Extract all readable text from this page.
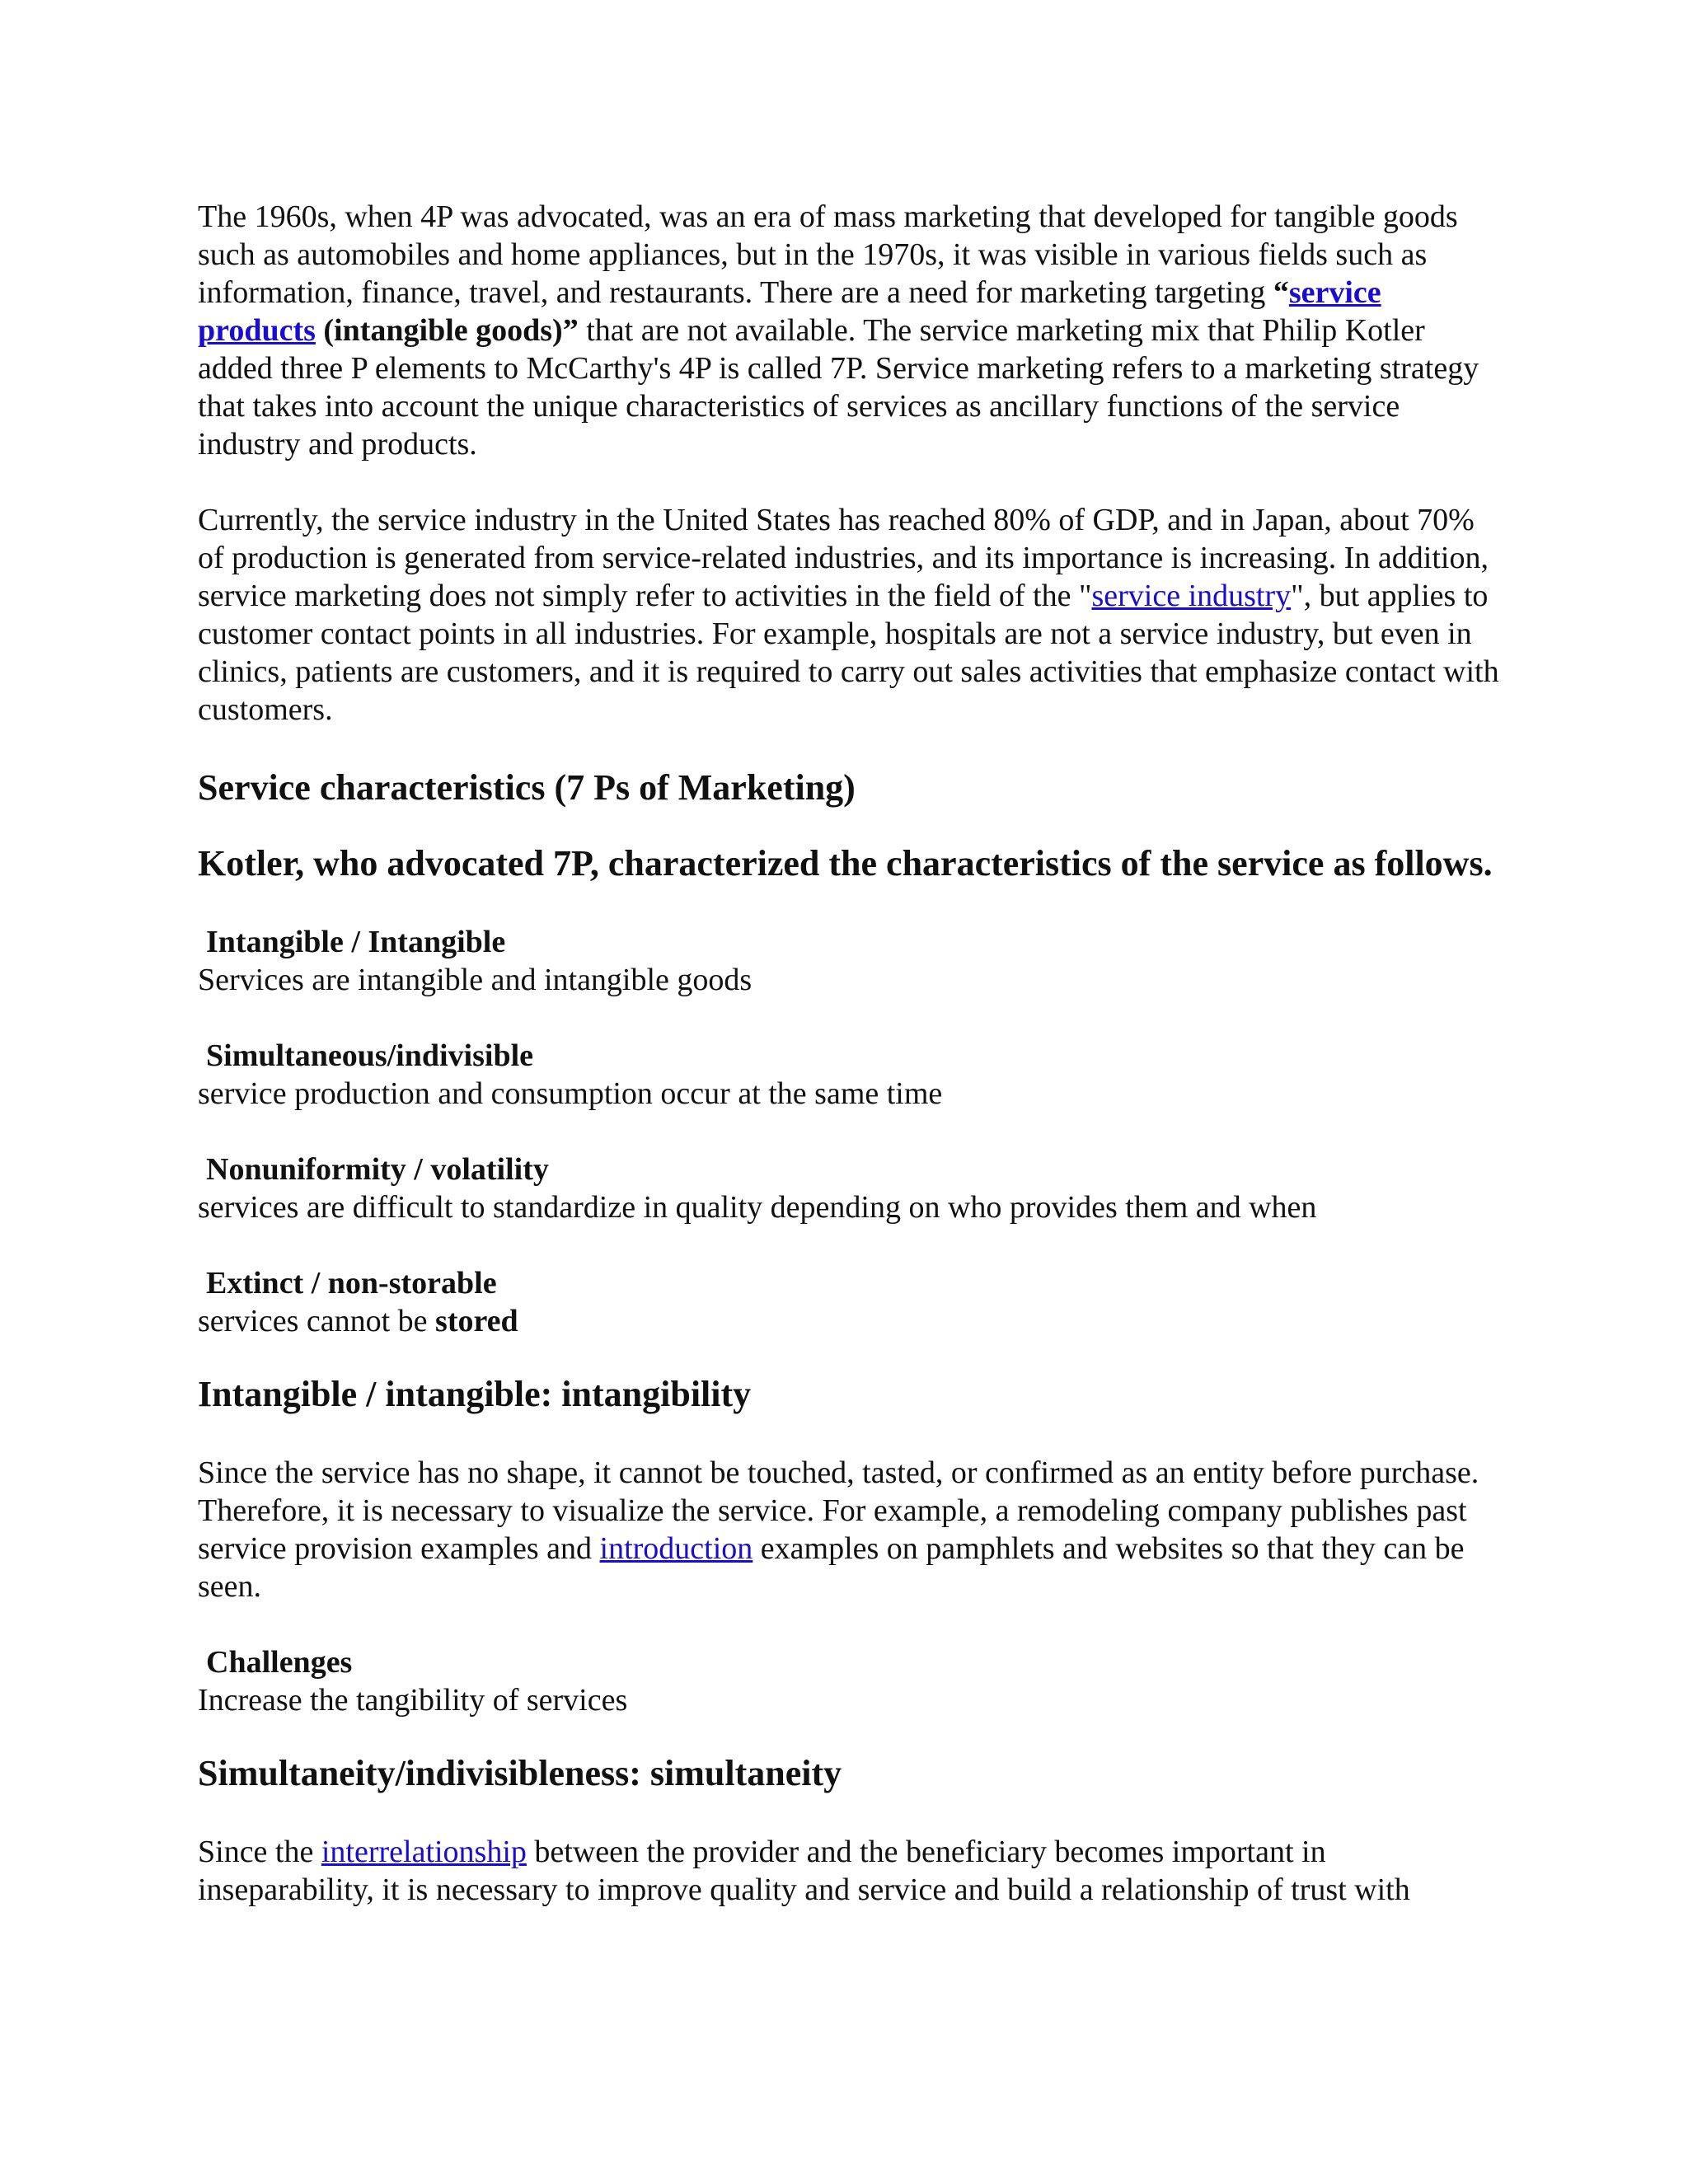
The 1960s, when 4P was advocated, was an era of mass marketing that developed for tangible goods such as automobiles and home appliances, but in the 1970s, it was visible in various fields such as information, finance, travel, and restaurants. There are a need for marketing targeting “service products (intangible goods)” that are not available. The service marketing mix that Philip Kotler added three P elements to McCarthy's 4P is called 7P. Service marketing refers to a marketing strategy that takes into account the unique characteristics of services as ancillary functions of the service industry and products.

Currently, the service industry in the United States has reached 80% of GDP, and in Japan, about 70% of production is generated from service-related industries, and its importance is increasing. In addition, service marketing does not simply refer to activities in the field of the "service industry", but applies to customer contact points in all industries. For example, hospitals are not a service industry, but even in clinics, patients are customers, and it is required to carry out sales activities that emphasize contact with customers.

Service characteristics (7 Ps of Marketing)
Kotler, who advocated 7P, characterized the characteristics of the service as follows.
Intangible / Intangible
Services are intangible and intangible goods
Simultaneous/indivisible
service production and consumption occur at the same time
Nonuniformity / volatility
services are difficult to standardize in quality depending on who provides them and when
Extinct / non-storable
services cannot be stored
Intangible / intangible: intangibility

Since the service has no shape, it cannot be touched, tasted, or confirmed as an entity before purchase. Therefore, it is necessary to visualize the service. For example, a remodeling company publishes past service provision examples and introduction examples on pamphlets and websites so that they can be seen.

Challenges
Increase the tangibility of services
Simultaneity/indivisibleness: simultaneity

Since the interrelationship between the provider and the beneficiary becomes important in inseparability, it is necessary to improve quality and service and build a relationship of trust with
